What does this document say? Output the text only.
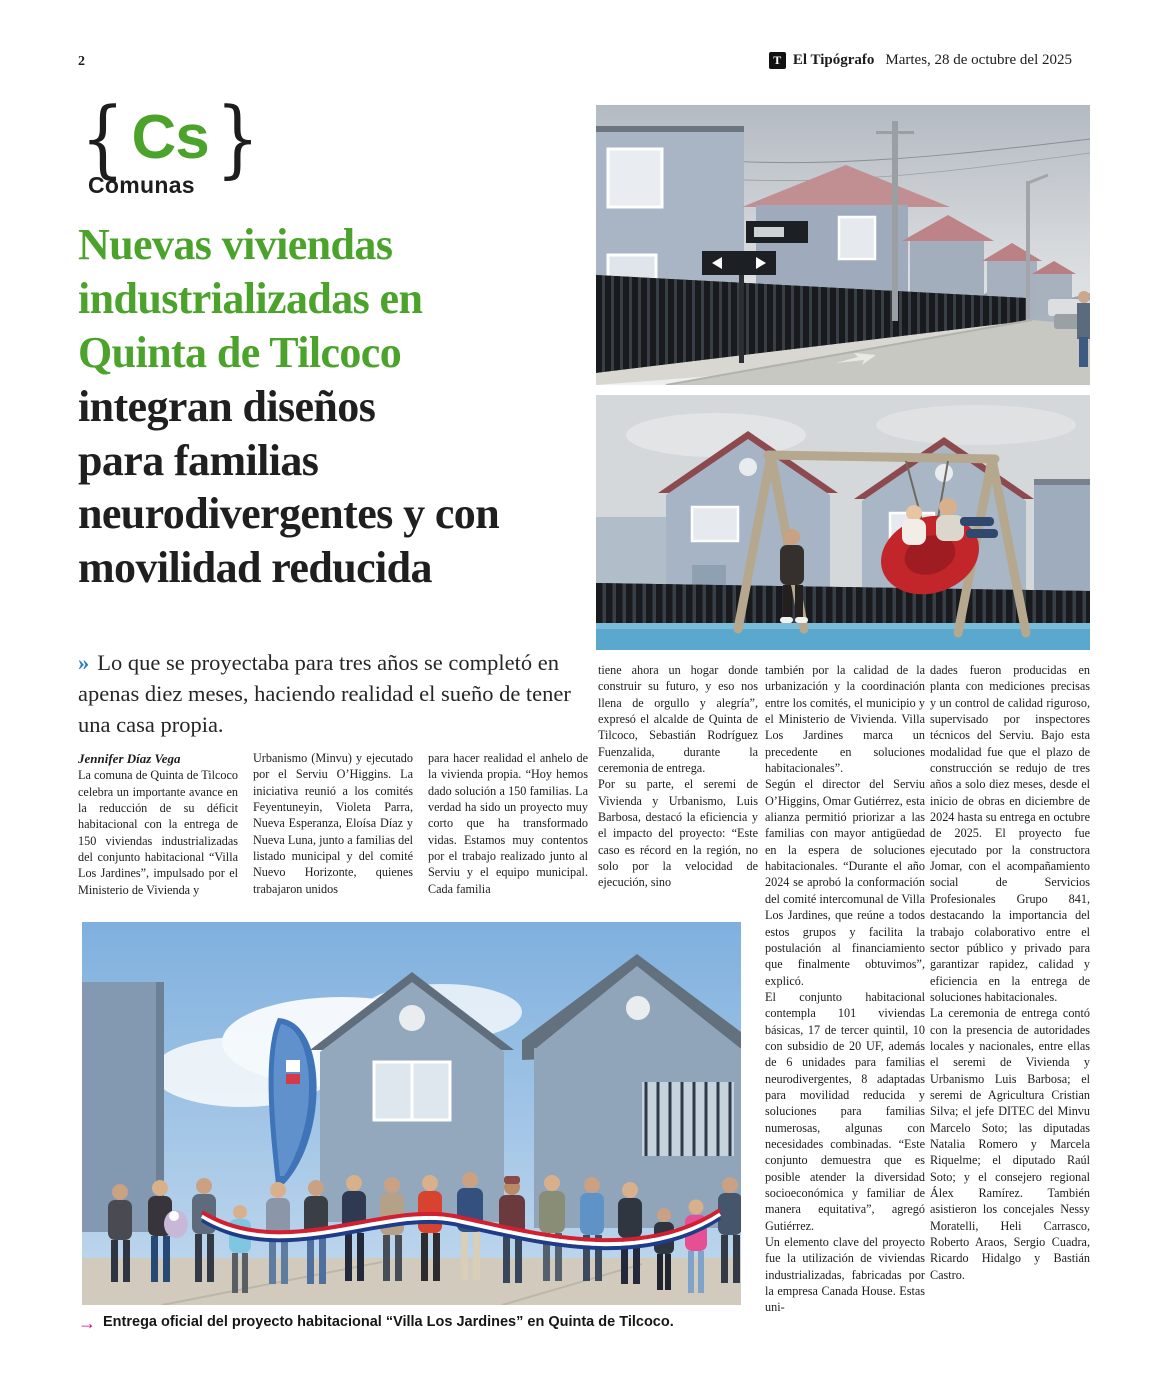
2	T El Tipógrafo Martes, 28 de octubre del 2025
{ Cs }
Comunas
Nuevas viviendas
industrializadas en
Quinta de Tilcoco
integran diseños
para familias
neurodivergentes y con
movilidad reducida

» Lo que se proyectaba para tres años se completó en apenas diez meses, haciendo realidad el sueño de tener una casa propia.

Jennifer Díaz Vega

La comuna de Quinta de Tilcoco celebra un importante avance en la reducción de su déficit habitacional con la entrega de 150 viviendas industrializadas del conjunto habitacional “Villa Los Jardines”, impulsado por el Ministerio de Vivienda y

Urbanismo (Minvu) y ejecutado por el Serviu O’Higgins. La iniciativa reunió a los comités Feyentuneyin, Violeta Parra, Nueva Esperanza, Eloísa Díaz y Nueva Luna, junto a familias del listado municipal y del comité Nuevo Horizonte, quienes trabajaron unidos

para hacer realidad el anhelo de la vivienda propia. “Hoy hemos dado solución a 150 familias. La verdad ha sido un proyecto muy corto que ha transformado vidas. Estamos muy contentos por el trabajo realizado junto al Serviu y el equipo municipal. Cada familia

tiene ahora un hogar donde construir su futuro, y eso nos llena de orgullo y alegría”, expresó el alcalde de Quinta de Tilcoco, Sebastián Rodríguez Fuenzalida, durante la ceremonia de entrega.

Por su parte, el seremi de Vivienda y Urbanismo, Luis Barbosa, destacó la eficiencia y el impacto del proyecto: “Este caso es récord en la región, no solo por la velocidad de ejecución, sino

también por la calidad de la urbanización y la coordinación entre los comités, el municipio y el Ministerio de Vivienda. Villa Los Jardines marca un precedente en soluciones habitacionales”.

Según el director del Serviu O’Higgins, Omar Gutiérrez, esta alianza permitió priorizar a las familias con mayor antigüedad en la espera de soluciones habitacionales. “Durante el año 2024 se aprobó la conformación del comité intercomunal de Villa Los Jardines, que reúne a todos estos grupos y facilita la postulación al financiamiento que finalmente obtuvimos”, explicó.

El conjunto habitacional contempla 101 viviendas básicas, 17 de tercer quintil, 10 con subsidio de 20 UF, además de 6 unidades para familias neurodivergentes, 8 adaptadas para movilidad reducida y soluciones para familias numerosas, algunas con necesidades combinadas. “Este conjunto demuestra que es posible atender la diversidad socioeconómica y familiar de manera equitativa”, agregó Gutiérrez.

Un elemento clave del proyecto fue la utilización de viviendas industrializadas, fabricadas por la empresa Canada House. Estas uni-

dades fueron producidas en planta con mediciones precisas y un control de calidad riguroso, supervisado por inspectores técnicos del Serviu. Bajo esta modalidad fue que el plazo de construcción se redujo de tres años a solo diez meses, desde el inicio de obras en diciembre de 2024 hasta su entrega en octubre de 2025. El proyecto fue ejecutado por la constructora Jomar, con el acompañamiento social de Servicios Profesionales Grupo 841, destacando la importancia del trabajo colaborativo entre el sector público y privado para garantizar rapidez, calidad y eficiencia en la entrega de soluciones habitacionales.

La ceremonia de entrega contó con la presencia de autoridades locales y nacionales, entre ellas el seremi de Vivienda y Urbanismo Luis Barbosa; el seremi de Agricultura Cristian Silva; el jefe DITEC del Minvu Marcelo Soto; las diputadas Natalia Romero y Marcela Riquelme; el diputado Raúl Soto; y el consejero regional Álex Ramírez. También asistieron los concejales Nessy Moratelli, Heli Carrasco, Roberto Araos, Sergio Cuadra, Ricardo Hidalgo y Bastián Castro.

→ Entrega oficial del proyecto habitacional “Villa Los Jardines” en Quinta de Tilcoco.
